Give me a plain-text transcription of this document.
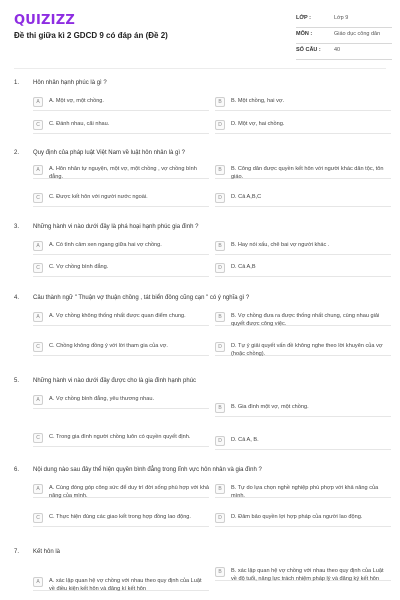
QUIZIZZ
Đề thi giữa kì 2 GDCD 9 có đáp án (Đề 2)
LỚP :	Lớp 9
MÔN :	Giáo dục công dân
SỐ CÂU : 40
1. Hôn nhân hạnh phúc là gì ?
A	A. Một vợ, một chồng.	B	B. Một chồng, hai vợ.
C	C. Đánh nhau, cãi nhau.	D	D. Một vợ, hai chồng.
2. Quy định của pháp luật Việt Nam về luật hôn nhân là gì ?
A	A. Hôn nhân tự nguyện, một vợ, một chồng , vợ chồng bình đẳng.
B	B. Công dân được quyền kết hôn với người khác dân tộc, tôn giáo.
C	C. Được kết hôn với người nước ngoài.	D	D. Cả A,B,C
3. Những hành vi nào dưới đây là phá hoại hạnh phúc gia đình ?
A	A. Có tình cảm xen ngang giữa hai vợ chồng.	B	B. Hay nói xấu, chê bai vợ người khác .
C	C. Vợ chồng bình đẳng.	D	D. Cả A,B
4. Câu thành ngữ " Thuận vợ thuận chồng , tát biển đông cũng cạn " có ý nghĩa gì ?
A	A. Vợ chồng không thống nhất được quan điểm chung.	B	B. Vợ chồng đưa ra được thống nhất chung, cùng nhau giải quyết được công việc.
C	C. Chồng không đồng ý với lời tham gia của vợ.	D	D. Tự ý giải quyết vấn đề không nghe theo lời khuyên của vợ (hoặc chồng).
5. Những hành vi nào dưới đây được cho là gia đình hạnh phúc
A	A. Vợ chồng bình đẳng, yêu thương nhau.
B	B. Gia đình một vợ, một chồng.
C	C. Trong gia đình người chồng luôn có quyền quyết định.
D	D. Cả A, B.
6. Nội dung nào sau đây thể hiện quyền bình đẳng trong lĩnh vực hôn nhân và gia đình ?
A	A. Cùng đóng góp công sức để duy trì đời sống phù hợp với khả năng của mình.
B	B. Tự do lựa chọn nghề nghiệp phù phợp với khả năng của mình.
C	C. Thực hiện đúng các giao kết trong hợp đồng lao động.	D	D. Đảm bảo quyền lợi hợp pháp của người lao động.
7. Kết hôn là
A	A. xác lập quan hệ vợ chồng với nhau theo quy định của Luật về điều kiện kết hôn và đăng kí kết hôn
B	B. xác lập quan hệ vợ chồng với nhau theo quy định của Luật về độ tuổi, năng lực trách nhiệm pháp lý và đăng ký kết hôn
